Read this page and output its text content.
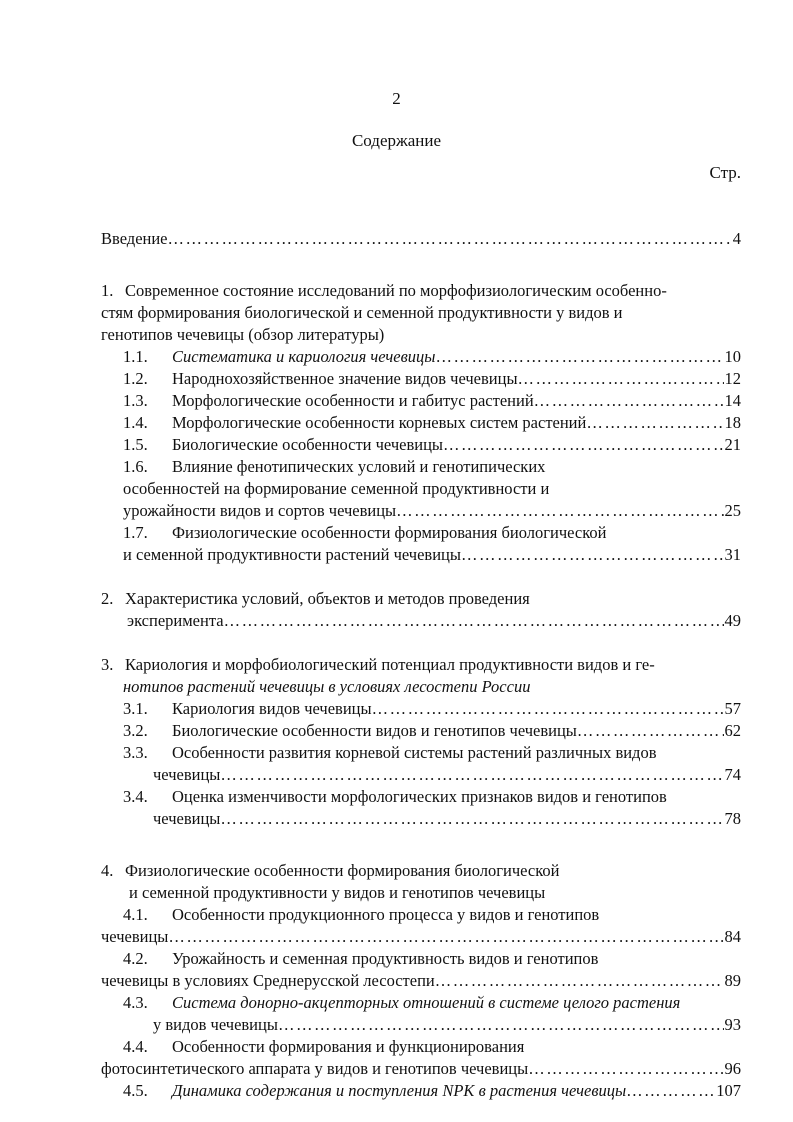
2
Содержание
Стр.
Введение ……………………………………………………………………………………………………………………………………………………………………	4
1. Современное состояние исследований по морфофизиологическим особенно-
стям формирования биологической и семенной продуктивности у видов и
генотипов чечевицы (обзор литературы)
1.1.	Систематика и кариология чечевицы ……………………………………………………………………………………………………………………………………………………………………	10
1.2.	Народнохозяйственное значение видов чечевицы ……………………………………………………………………………………………………………………………………………………………………	12
1.3.	Морфологические особенности и габитус растений ……………………………………………………………………………………………………………………………………………………………………	14
1.4.	Морфологические особенности корневых систем растений ……………………………………………………………………………………………………………………………………………………………………	18
1.5.	Биологические особенности чечевицы ……………………………………………………………………………………………………………………………………………………………………	21
1.6. Влияние фенотипических условий и генотипических
особенностей на формирование семенной продуктивности и
урожайности видов и сортов чечевицы ……………………………………………………………………………………………………………………………………………………………………	25
1.7. Физиологические особенности формирования биологической
и семенной продуктивности растений чечевицы ……………………………………………………………………………………………………………………………………………………………………	31
2. Характеристика условий, объектов и методов проведения
эксперимента ……………………………………………………………………………………………………………………………………………………………………	49
3. Кариология и морфобиологический потенциал продуктивности видов и ге-
нотипов растений чечевицы в условиях лесостепи России
3.1.	Кариология видов чечевицы ……………………………………………………………………………………………………………………………………………………………………	57
3.2.	Биологические особенности видов и генотипов чечевицы ……………………………………………………………………………………………………………………………………………………………………	62
3.3. Особенности развития корневой системы растений различных видов
чечевицы ……………………………………………………………………………………………………………………………………………………………………	74
3.4. Оценка изменчивости морфологических признаков видов и генотипов
чечевицы ……………………………………………………………………………………………………………………………………………………………………	78
4. Физиологические особенности формирования биологической
и семенной продуктивности у видов и генотипов чечевицы
4.1. Особенности продукционного процесса у видов и генотипов
чечевицы ……………………………………………………………………………………………………………………………………………………………………	84
4.2. Урожайность и семенная продуктивность видов и генотипов
чечевицы в условиях Среднерусской лесостепи ……………………………………………………………………………………………………………………………………………………………………	89
4.3. Система донорно-акцепторных отношений в системе целого растения
у видов чечевицы ……………………………………………………………………………………………………………………………………………………………………	93
4.4. Особенности формирования и функционирования
фотосинтетического аппарата у видов и генотипов чечевицы ……………………………………………………………………………………………………………………………………………………………………	96
4.5.	Динамика содержания и поступления NPK в растения чечевицы ……………………………………………………………………………………………………………………………………………………………………	107
